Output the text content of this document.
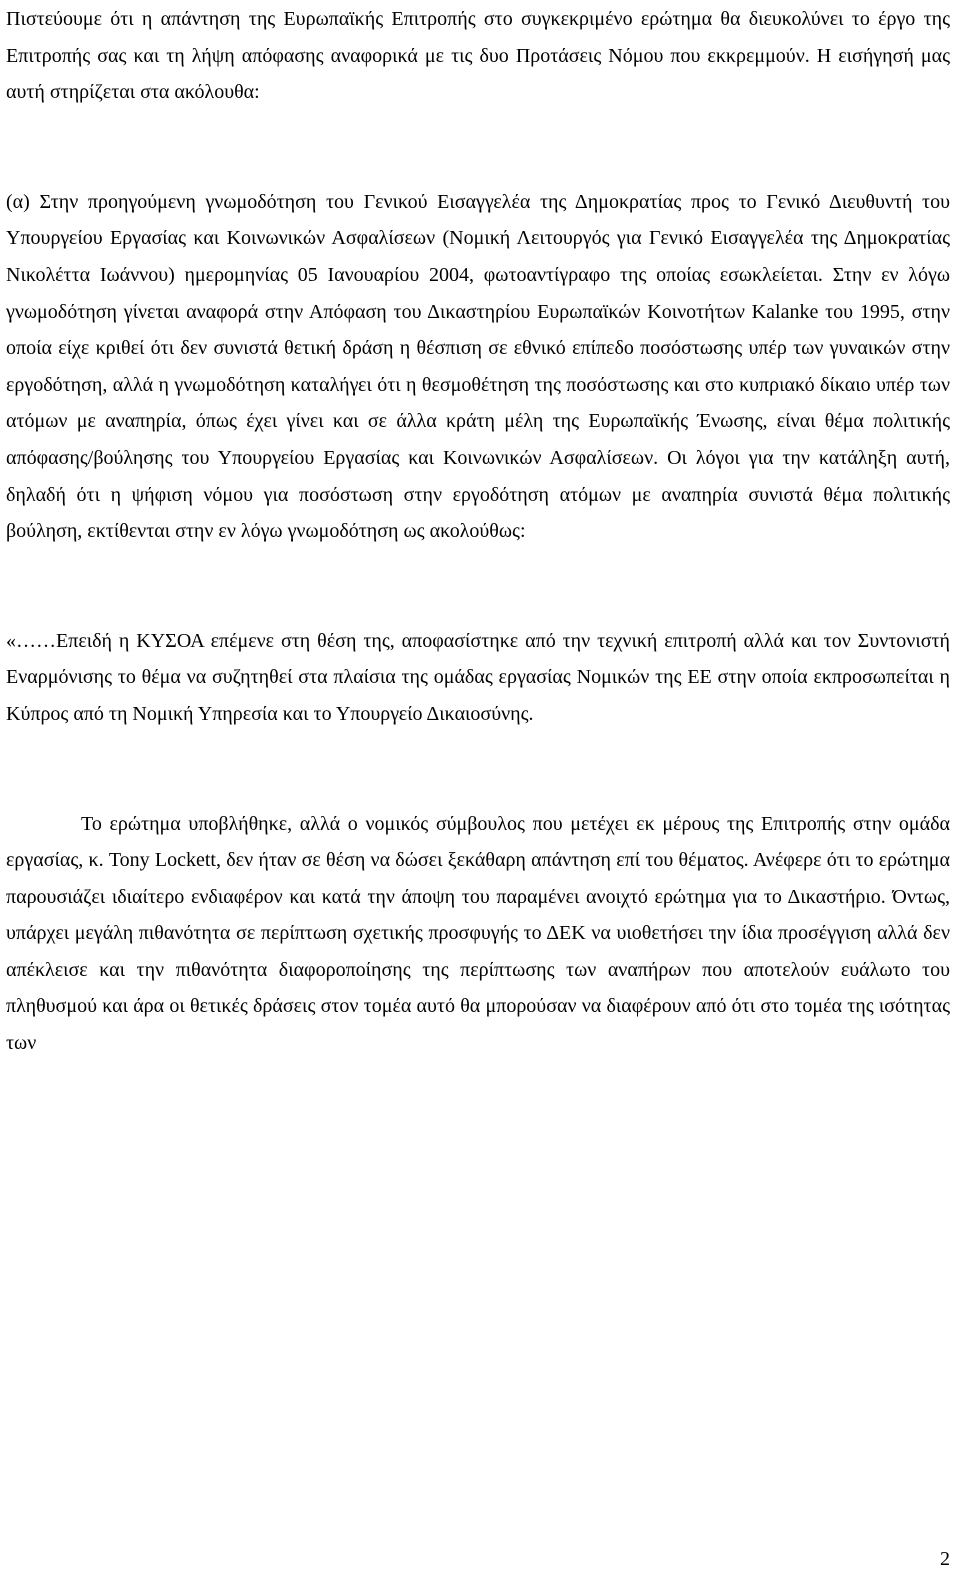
Πιστεύουμε ότι η απάντηση της Ευρωπαϊκής Επιτροπής στο συγκεκριμένο ερώτημα θα διευκολύνει το έργο της Επιτροπής σας και τη λήψη απόφασης αναφορικά με τις δυο Προτάσεις Νόμου που εκκρεμμούν. Η εισήγησή μας αυτή στηρίζεται στα ακόλουθα:

(α) Στην προηγούμενη γνωμοδότηση του Γενικού Εισαγγελέα της Δημοκρατίας προς το Γενικό Διευθυντή του Υπουργείου Εργασίας και Κοινωνικών Ασφαλίσεων (Νομική Λειτουργός για Γενικό Εισαγγελέα της Δημοκρατίας Νικολέττα Ιωάννου) ημερομηνίας 05 Ιανουαρίου 2004, φωτοαντίγραφο της οποίας εσωκλείεται. Στην εν λόγω γνωμοδότηση γίνεται αναφορά στην Απόφαση του Δικαστηρίου Ευρωπαϊκών Κοινοτήτων Kalanke του 1995, στην οποία είχε κριθεί ότι δεν συνιστά θετική δράση η θέσπιση σε εθνικό επίπεδο ποσόστωσης υπέρ των γυναικών στην εργοδότηση, αλλά η γνωμοδότηση καταλήγει ότι η θεσμοθέτηση της ποσόστωσης και στο κυπριακό δίκαιο υπέρ των ατόμων με αναπηρία, όπως έχει γίνει και σε άλλα κράτη μέλη της Ευρωπαϊκής Ένωσης, είναι θέμα πολιτικής απόφασης/βούλησης του Υπουργείου Εργασίας και Κοινωνικών Ασφαλίσεων. Οι λόγοι για την κατάληξη αυτή, δηλαδή ότι η ψήφιση νόμου για ποσόστωση στην εργοδότηση ατόμων με αναπηρία συνιστά θέμα πολιτικής βούληση, εκτίθενται στην εν λόγω γνωμοδότηση ως ακολούθως:

«……Επειδή η ΚΥΣΟΑ επέμενε στη θέση της, αποφασίστηκε από την τεχνική επιτροπή αλλά και τον Συντονιστή Εναρμόνισης το θέμα να συζητηθεί στα πλαίσια της ομάδας εργασίας Νομικών της ΕΕ στην οποία εκπροσωπείται η Κύπρος από τη Νομική Υπηρεσία και το Υπουργείο Δικαιοσύνης.

Το ερώτημα υποβλήθηκε, αλλά ο νομικός σύμβουλος που μετέχει εκ μέρους της Επιτροπής στην ομάδα εργασίας, κ. Tony Lockett, δεν ήταν σε θέση να δώσει ξεκάθαρη απάντηση επί του θέματος. Ανέφερε ότι το ερώτημα παρουσιάζει ιδιαίτερο ενδιαφέρον και κατά την άποψη του παραμένει ανοιχτό ερώτημα για το Δικαστήριο. Όντως, υπάρχει μεγάλη πιθανότητα σε περίπτωση σχετικής προσφυγής το ΔΕΚ να υιοθετήσει την ίδια προσέγγιση αλλά δεν απέκλεισε και την πιθανότητα διαφοροποίησης της περίπτωσης των αναπήρων που αποτελούν ευάλωτο του πληθυσμού και άρα οι θετικές δράσεις στον τομέα αυτό θα μπορούσαν να διαφέρουν από ότι στο τομέα της ισότητας των

2
